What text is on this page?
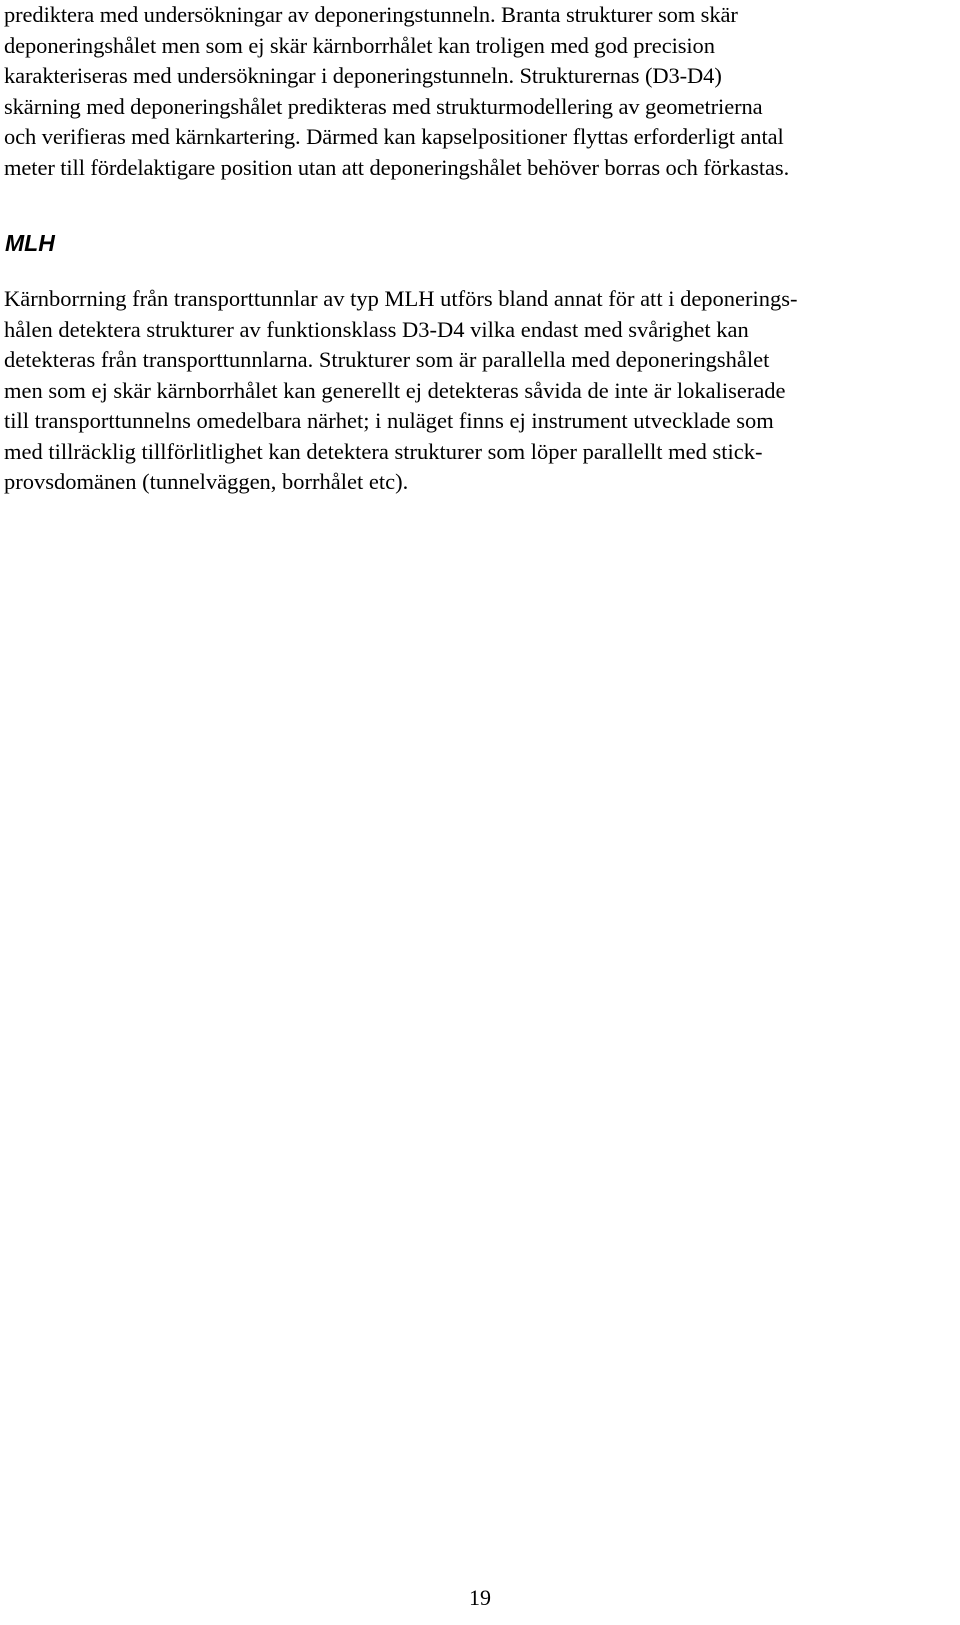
prediktera med undersökningar av deponeringstunneln. Branta strukturer som skär
deponeringshålet men som ej skär kärnborrhålet kan troligen med god precision
karakteriseras med undersökningar i deponeringstunneln. Strukturernas (D3-D4)
skärning med deponeringshålet predikteras med strukturmodellering av geometrierna
och verifieras med kärnkartering. Därmed kan kapselpositioner flyttas erforderligt antal
meter till fördelaktigare position utan att deponeringshålet behöver borras och förkastas.

MLH

Kärnborrning från transporttunnlar av typ MLH utförs bland annat för att i deponerings-
hålen detektera strukturer av funktionsklass D3-D4 vilka endast med svårighet kan
detekteras från transporttunnlarna. Strukturer som är parallella med deponeringshålet
men som ej skär kärnborrhålet kan generellt ej detekteras såvida de inte är lokaliserade
till transporttunnelns omedelbara närhet; i nuläget finns ej instrument utvecklade som
med tillräcklig tillförlitlighet kan detektera strukturer som löper parallellt med stick-
provsdomänen (tunnelväggen, borrhålet etc).

19
